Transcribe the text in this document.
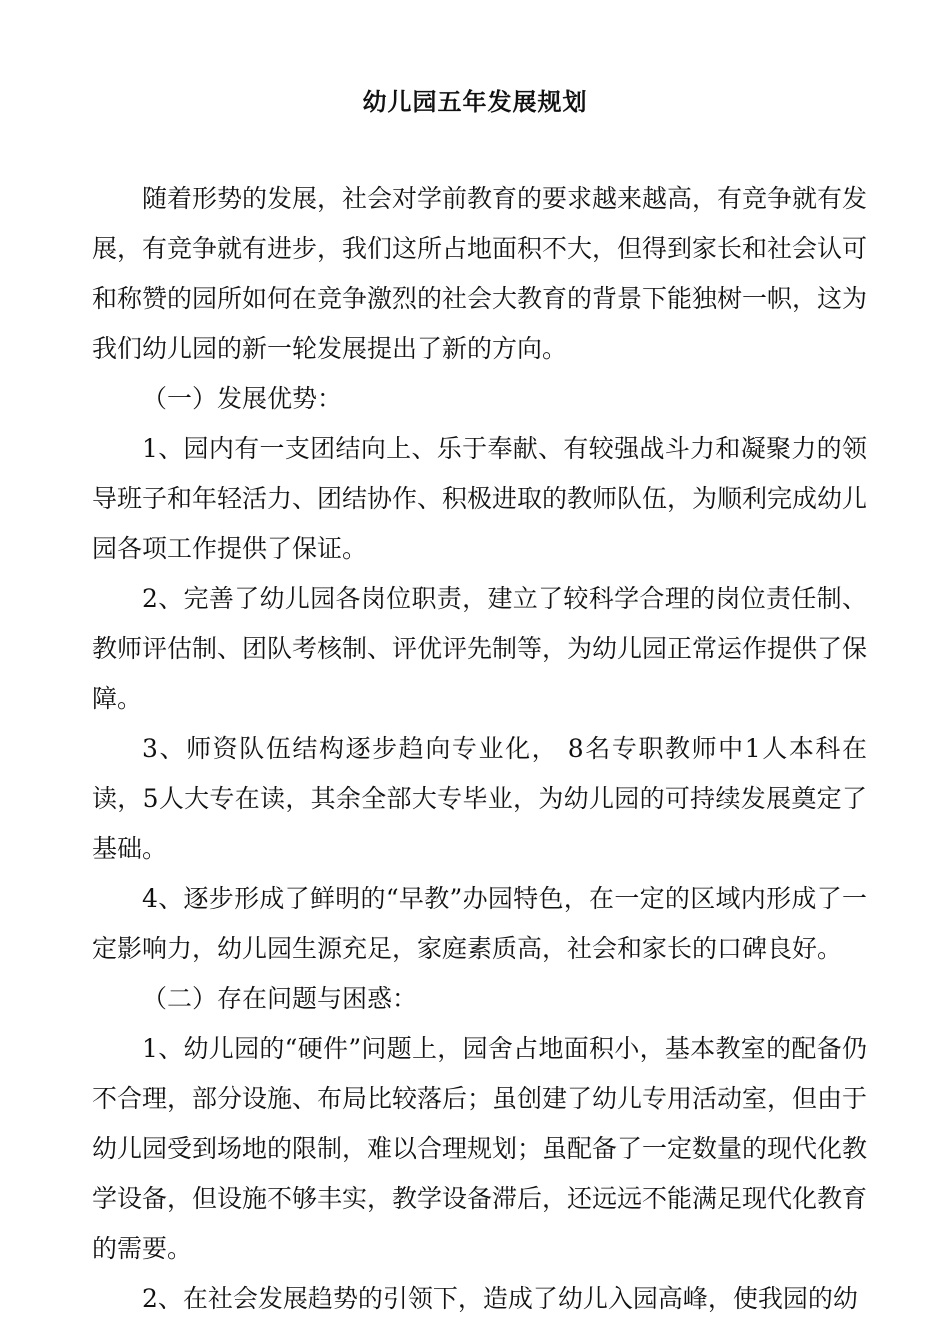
幼儿园五年发展规划

随着形势的发展，社会对学前教育的要求越来越高，有竞争就有发展，有竞争就有进步，我们这所占地面积不大，但得到家长和社会认可和称赞的园所如何在竞争激烈的社会大教育的背景下能独树一帜，这为我们幼儿园的新一轮发展提出了新的方向。

（一）发展优势：

1、园内有一支团结向上、乐于奉献、有较强战斗力和凝聚力的领导班子和年轻活力、团结协作、积极进取的教师队伍，为顺利完成幼儿园各项工作提供了保证。

2、完善了幼儿园各岗位职责，建立了较科学合理的岗位责任制、教师评估制、团队考核制、评优评先制等，为幼儿园正常运作提供了保障。

3、师资队伍结构逐步趋向专业化， 8名专职教师中1人本科在读，5人大专在读，其余全部大专毕业，为幼儿园的可持续发展奠定了基础。

4、逐步形成了鲜明的“早教”办园特色，在一定的区域内形成了一定影响力，幼儿园生源充足，家庭素质高，社会和家长的口碑良好。

（二）存在问题与困惑：

1、幼儿园的“硬件”问题上，园舍占地面积小，基本教室的配备仍不合理，部分设施、布局比较落后；虽创建了幼儿专用活动室，但由于幼儿园受到场地的限制，难以合理规划；虽配备了一定数量的现代化教学设备，但设施不够丰实，教学设备滞后，还远远不能满足现代化教育的需要。

2、在社会发展趋势的引领下，造成了幼儿入园高峰，使我园的幼
